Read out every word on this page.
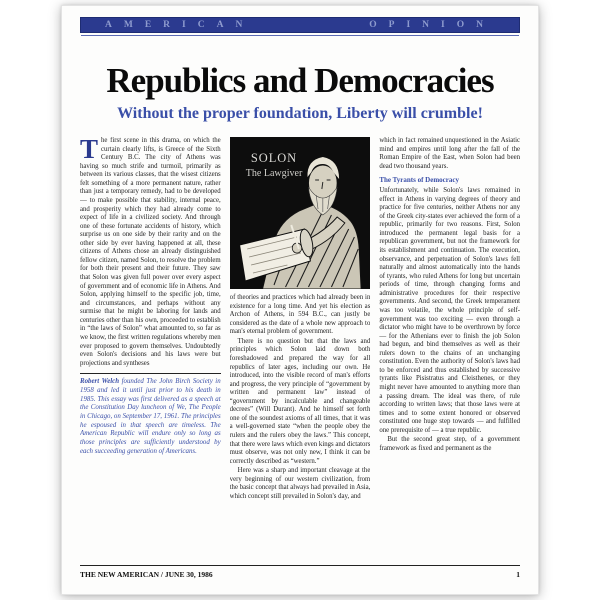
AMERICAN	OPINION
Republics and Democracies
Without the proper foundation, Liberty will crumble!

The first scene in this drama, on which the curtain clearly lifts, is Greece of the Sixth Century B.C. The city of Athens was having so much strife and turmoil, primarily as between its various classes, that the wisest citizens felt something of a more permanent nature, rather than just a temporary remedy, had to be developed — to make possible that stability, internal peace, and prosperity which they had already come to expect of life in a civilized society. And through one of these fortunate accidents of history, which surprise us on one side by their rarity and on the other side by ever having happened at all, these citizens of Athens chose an already distinguished fellow citizen, named Solon, to resolve the problem for both their present and their future. They saw that Solon was given full power over every aspect of government and of economic life in Athens. And Solon, applying himself to the specific job, time, and circumstances, and perhaps without any surmise that he might be laboring for lands and centuries other than his own, proceeded to establish in “the laws of Solon” what amounted to, so far as we know, the first written regulations whereby men ever proposed to govern themselves. Undoubtedly even Solon's decisions and his laws were but projections and syntheses

Robert Welch founded The John Birch Society in 1958 and led it until just prior to his death in 1985. This essay was first delivered as a speech at the Constitution Day luncheon of We, The People in Chicago, on September 17, 1961. The principles he espoused in that speech are timeless. The American Republic will endure only so long as those principles are sufficiently understood by each succeeding generation of Americans.
SOLON
The Lawgiver

of theories and practices which had already been in existence for a long time. And yet his election as Archon of Athens, in 594 B.C., can justly be considered as the date of a whole new approach to man's eternal problem of government.

There is no question but that the laws and principles which Solon laid down both foreshadowed and prepared the way for all republics of later ages, including our own. He introduced, into the visible record of man's efforts and progress, the very principle of “government by written and permanent law” instead of “government by incalculable and changeable decrees” (Will Durant). And he himself set forth one of the soundest axioms of all times, that it was a well-governed state “when the people obey the rulers and the rulers obey the laws.” This concept, that there were laws which even kings and dictators must observe, was not only new, I think it can be correctly described as “western.”

Here was a sharp and important cleavage at the very beginning of our western civilization, from the basic concept that always had prevailed in Asia, which concept still prevailed in Solon's day, and

which in fact remained unquestioned in the Asiatic mind and empires until long after the fall of the Roman Empire of the East, when Solon had been dead two thousand years.

The Tyrants of Democracy

Unfortunately, while Solon's laws remained in effect in Athens in varying degrees of theory and practice for five centuries, neither Athens nor any of the Greek city-states ever achieved the form of a republic, primarily for two reasons. First, Solon introduced the permanent legal basis for a republican government, but not the framework for its establishment and continuation. The execution, observance, and perpetuation of Solon's laws fell naturally and almost automatically into the hands of tyrants, who ruled Athens for long but uncertain periods of time, through changing forms and administrative procedures for their respective governments. And second, the Greek temperament was too volatile, the whole principle of self-government was too exciting — even through a dictator who might have to be overthrown by force — for the Athenians ever to finish the job Solon had begun, and bind themselves as well as their rulers down to the chains of an unchanging constitution. Even the authority of Solon's laws had to be enforced and thus established by successive tyrants like Pisistratus and Cleisthenes, or they might never have amounted to anything more than a passing dream. The ideal was there, of rule according to written laws; that those laws were at times and to some extent honored or observed constituted one huge step towards — and fulfilled one prerequisite of — a true republic.

But the second great step, of a government framework as fixed and permanent as the

THE NEW AMERICAN / JUNE 30, 1986	1
